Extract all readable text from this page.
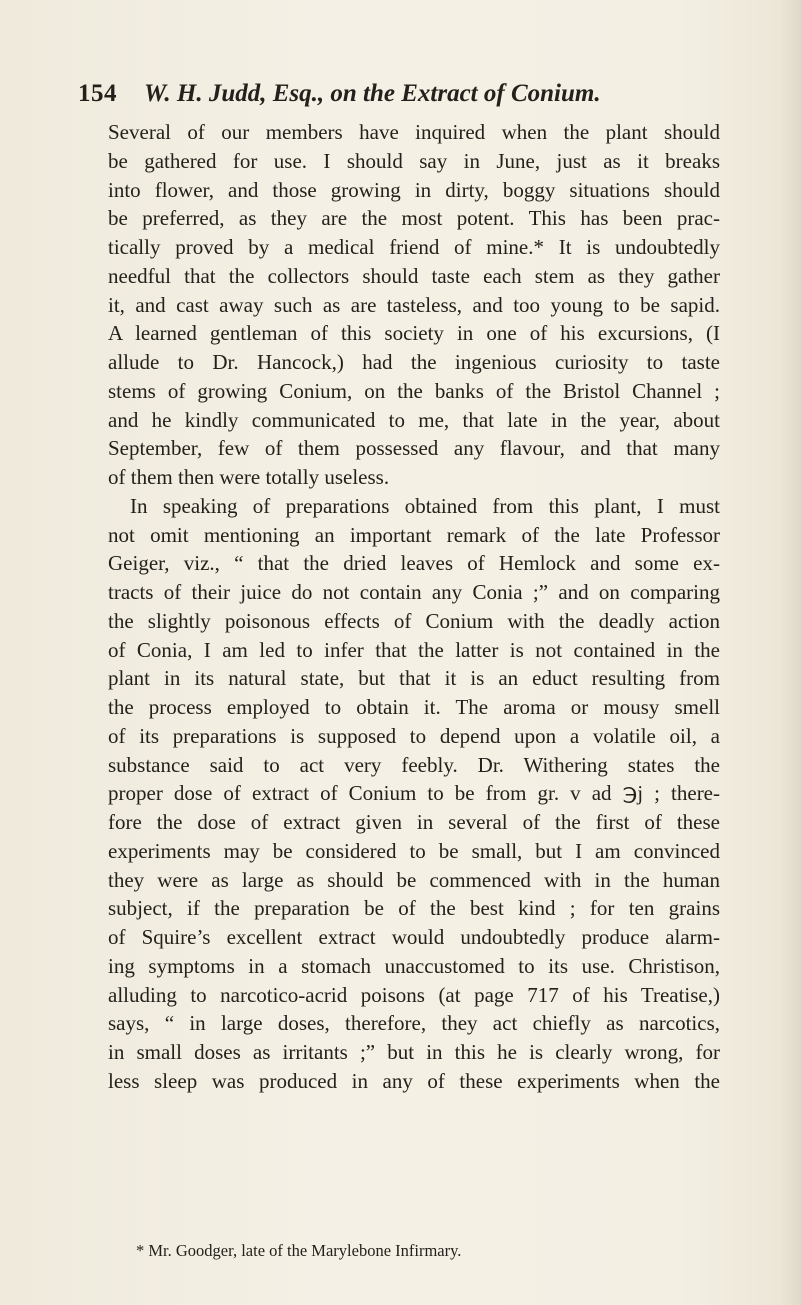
154 W. H. Judd, Esq., on the Extract of Conium.
Several of our members have inquired when the plant should
be gathered for use. I should say in June, just as it breaks
into flower, and those growing in dirty, boggy situations should
be preferred, as they are the most potent. This has been prac-
tically proved by a medical friend of mine.* It is undoubtedly
needful that the collectors should taste each stem as they gather
it, and cast away such as are tasteless, and too young to be sapid.
A learned gentleman of this society in one of his excursions, (I
allude to Dr. Hancock,) had the ingenious curiosity to taste
stems of growing Conium, on the banks of the Bristol Channel ;
and he kindly communicated to me, that late in the year, about
September, few of them possessed any flavour, and that many
of them then were totally useless.
In speaking of preparations obtained from this plant, I must
not omit mentioning an important remark of the late Professor
Geiger, viz., “ that the dried leaves of Hemlock and some ex-
tracts of their juice do not contain any Conia ;” and on comparing
the slightly poisonous effects of Conium with the deadly action
of Conia, I am led to infer that the latter is not contained in the
plant in its natural state, but that it is an educt resulting from
the process employed to obtain it. The aroma or mousy smell
of its preparations is supposed to depend upon a volatile oil, a
substance said to act very feebly. Dr. Withering states the
proper dose of extract of Conium to be from gr. v ad ℈j ; there-
fore the dose of extract given in several of the first of these
experiments may be considered to be small, but I am convinced
they were as large as should be commenced with in the human
subject, if the preparation be of the best kind ; for ten grains
of Squire’s excellent extract would undoubtedly produce alarm-
ing symptoms in a stomach unaccustomed to its use. Christison,
alluding to narcotico-acrid poisons (at page 717 of his Treatise,)
says, “ in large doses, therefore, they act chiefly as narcotics,
in small doses as irritants ;” but in this he is clearly wrong, for
less sleep was produced in any of these experiments when the
* Mr. Goodger, late of the Marylebone Infirmary.
